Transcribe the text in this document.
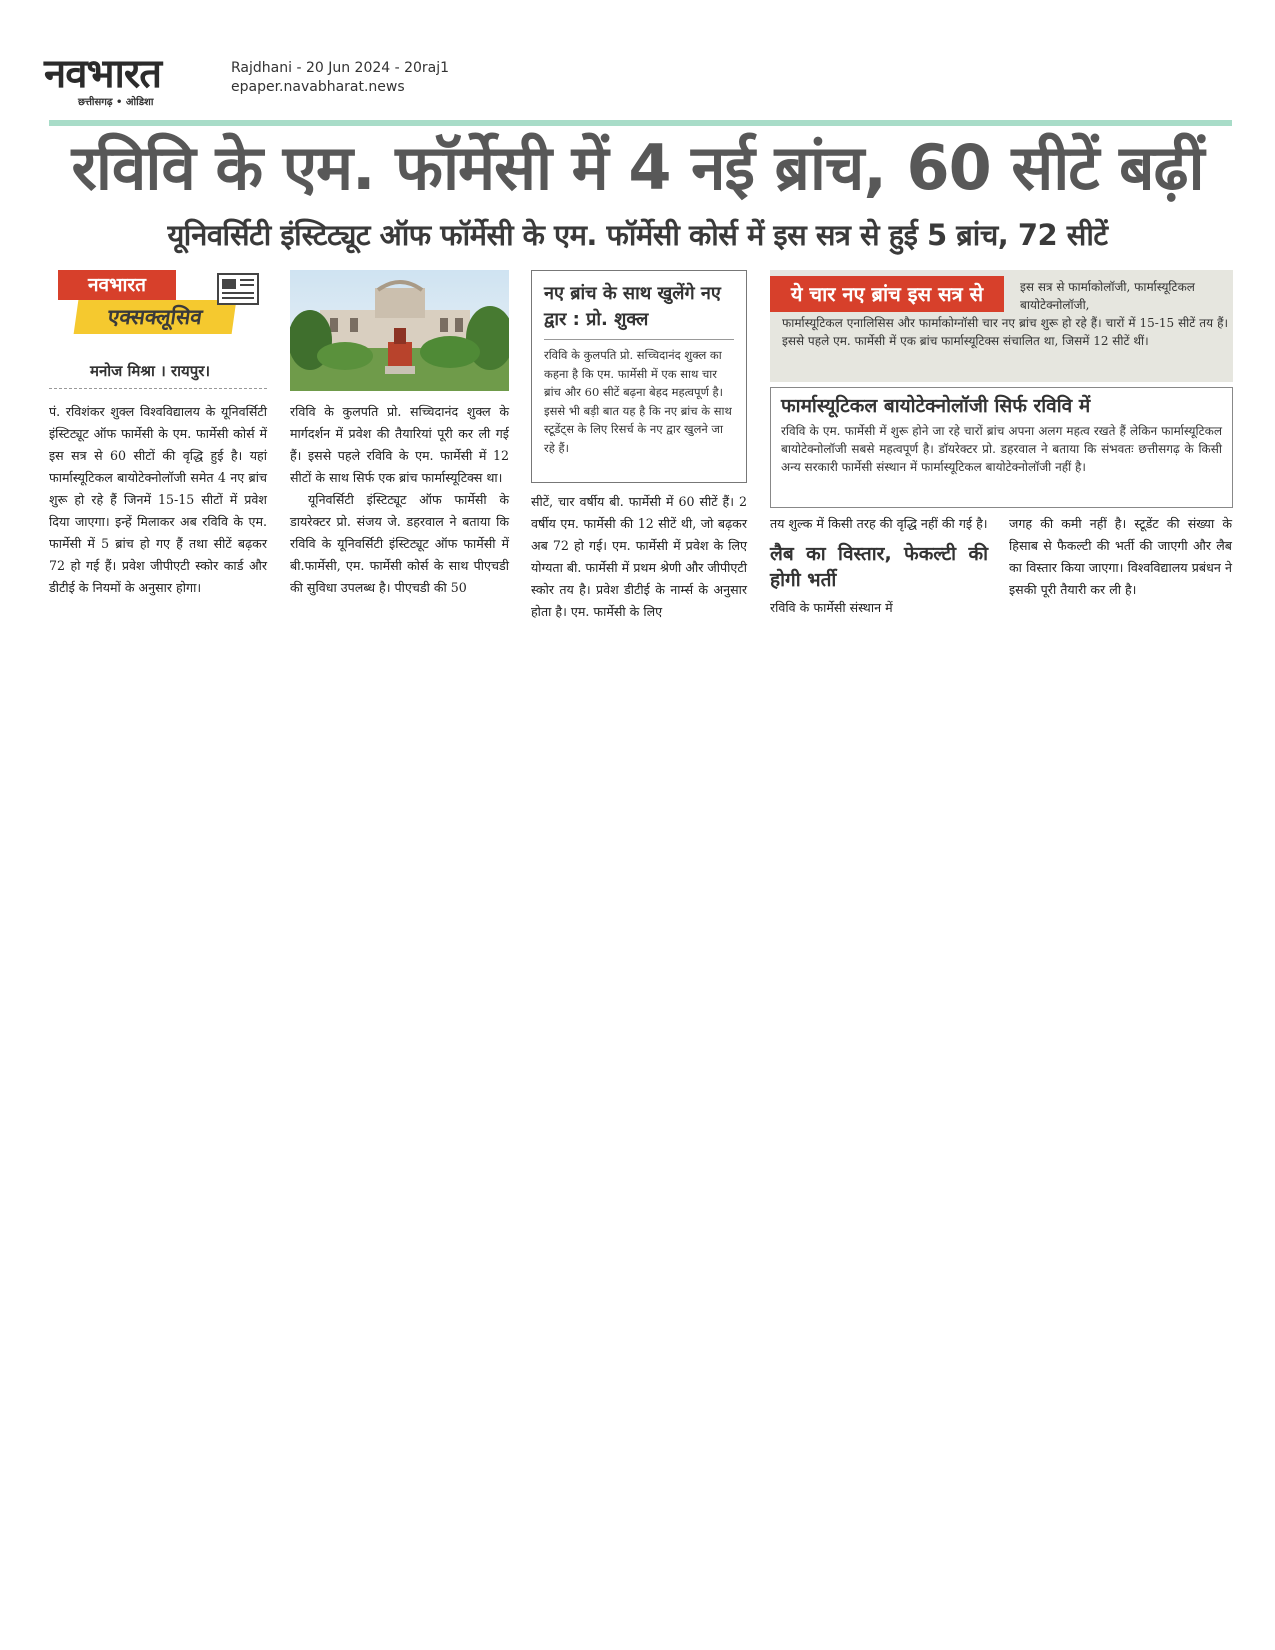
नवभारत
छत्तीसगढ़ • ओडिशा
Rajdhani - 20 Jun 2024 - 20raj1
epaper.navabharat.news
रविवि के एम. फॉर्मेसी में 4 नई ब्रांच, 60 सीटें बढ़ीं
यूनिवर्सिटी इंस्टिट्यूट ऑफ फॉर्मेसी के एम. फॉर्मेसी कोर्स में इस सत्र से हुई 5 ब्रांच, 72 सीटें
एक्सक्लूसिव
नवभारत
मनोज मिश्रा । रायपुर।

पं. रविशंकर शुक्ल विश्वविद्यालय के यूनिवर्सिटी इंस्टिट्यूट ऑफ फार्मेसी के एम. फार्मेसी कोर्स में इस सत्र से 60 सीटों की वृद्धि हुई है। यहां फार्मास्यूटिकल बायोटेक्नोलॉजी समेत 4 नए ब्रांच शुरू हो रहे हैं जिनमें 15-15 सीटों में प्रवेश दिया जाएगा। इन्हें मिलाकर अब रविवि के एम. फार्मेसी में 5 ब्रांच हो गए हैं तथा सीटें बढ़कर 72 हो गई हैं। प्रवेश जीपीएटी स्कोर कार्ड और डीटीई के नियमों के अनुसार होगा।

रविवि के कुलपति प्रो. सच्चिदानंद शुक्ल के मार्गदर्शन में प्रवेश की तैयारियां पूरी कर ली गई हैं। इससे पहले रविवि के एम. फार्मेसी में 12 सीटों के साथ सिर्फ एक ब्रांच फार्मास्यूटिक्स था।

यूनिवर्सिटी इंस्टिट्यूट ऑफ फार्मेसी के डायरेक्टर प्रो. संजय जे. डहरवाल ने बताया कि रविवि के यूनिवर्सिटी इंस्टिट्यूट ऑफ फार्मेसी में बी.फार्मेसी, एम. फार्मेसी कोर्स के साथ पीएचडी की सुविधा उपलब्ध है। पीएचडी की 50

नए ब्रांच के साथ खुलेंगे नए द्वार : प्रो. शुक्ल
रविवि के कुलपति प्रो. सच्चिदानंद शुक्ल का कहना है कि एम. फार्मेसी में एक साथ चार ब्रांच और 60 सीटें बढ़ना बेहद महत्वपूर्ण है। इससे भी बड़ी बात यह है कि नए ब्रांच के साथ स्टूडेंट्स के लिए रिसर्च के नए द्वार खुलने जा रहे हैं।

सीटें, चार वर्षीय बी. फार्मेसी में 60 सीटें हैं। 2 वर्षीय एम. फार्मेसी की 12 सीटें थी, जो बढ़कर अब 72 हो गई। एम. फार्मेसी में प्रवेश के लिए योग्यता बी. फार्मेसी में प्रथम श्रेणी और जीपीएटी स्कोर तय है। प्रवेश डीटीई के नार्म्स के अनुसार होता है। एम. फार्मेसी के लिए

ये चार नए ब्रांच इस सत्र से	इस सत्र से फार्माकोलॉजी, फार्मास्यूटिकल बायोटेक्नोलॉजी,
फार्मास्यूटिकल एनालिसिस और फार्माकोग्नॉसी चार नए ब्रांच शुरू हो रहे हैं। चारों में 15-15 सीटें तय हैं। इससे पहले एम. फार्मेसी में एक ब्रांच फार्मास्यूटिक्स संचालित था, जिसमें 12 सीटें थीं।
फार्मास्यूटिकल बायोटेक्नोलॉजी सिर्फ रविवि में
रविवि के एम. फार्मेसी में शुरू होने जा रहे चारों ब्रांच अपना अलग महत्व रखते हैं लेकिन फार्मास्यूटिकल बायोटेक्नोलॉजी सबसे महत्वपूर्ण है। डॉयरेक्टर प्रो. डहरवाल ने बताया कि संभवतः छत्तीसगढ़ के किसी अन्य सरकारी फार्मेसी संस्थान में फार्मास्यूटिकल बायोटेक्नोलॉजी नहीं है।

तय शुल्क में किसी तरह की वृद्धि नहीं की गई है।

लैब का विस्तार, फेकल्टी की होगी भर्ती

रविवि के फार्मेसी संस्थान में

जगह की कमी नहीं है। स्टूडेंट की संख्या के हिसाब से फैकल्टी की भर्ती की जाएगी और लैब का विस्तार किया जाएगा। विश्वविद्यालय प्रबंधन ने इसकी पूरी तैयारी कर ली है।
